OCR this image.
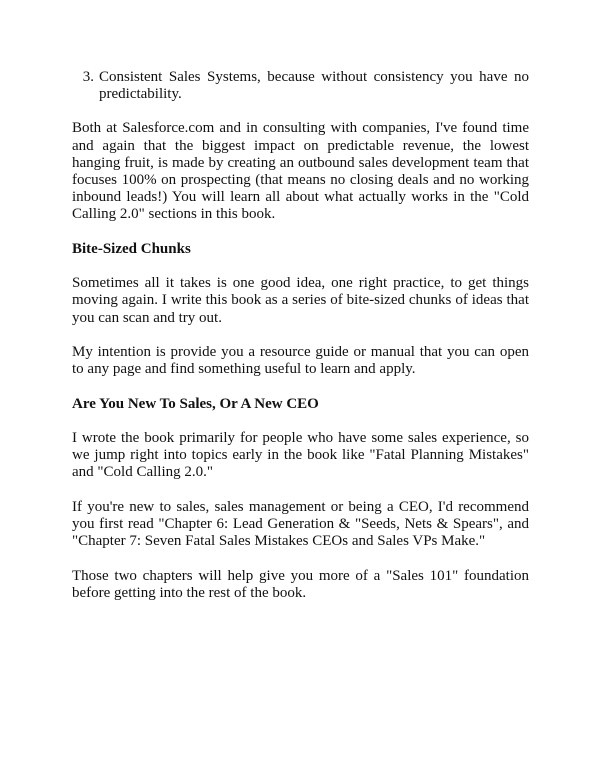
3. Consistent Sales Systems, because without consistency you have no predictability.

Both at Salesforce.com and in consulting with companies, I've found time and again that the biggest impact on predictable revenue, the lowest hanging fruit, is made by creating an outbound sales development team that focuses 100% on prospecting (that means no closing deals and no working inbound leads!) You will learn all about what actually works in the "Cold Calling 2.0" sections in this book.

Bite-Sized Chunks

Sometimes all it takes is one good idea, one right practice, to get things moving again. I write this book as a series of bite-sized chunks of ideas that you can scan and try out.

My intention is provide you a resource guide or manual that you can open to any page and find something useful to learn and apply.

Are You New To Sales, Or A New CEO

I wrote the book primarily for people who have some sales experience, so we jump right into topics early in the book like "Fatal Planning Mistakes" and "Cold Calling 2.0."

If you're new to sales, sales management or being a CEO, I'd recommend you first read "Chapter 6: Lead Generation & "Seeds, Nets & Spears", and "Chapter 7: Seven Fatal Sales Mistakes CEOs and Sales VPs Make."

Those two chapters will help give you more of a "Sales 101" foundation before getting into the rest of the book.
